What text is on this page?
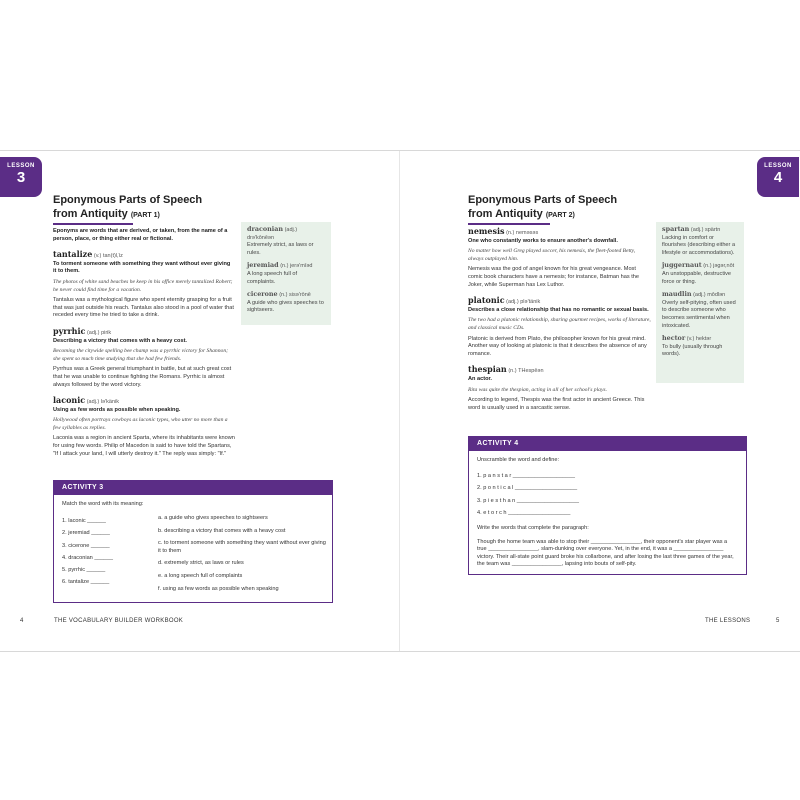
LESSON
3
Eponymous Parts of Speech
from Antiquity (PART 1)

Eponyms are words that are derived, or taken, from the name of a person, place, or thing either real or fictional.

tantalize (v.) tan(t)l,īz

To torment someone with something they want without ever giving it to them.

The photos of white sand beaches he keep in his office merely tantalized Robert; he never could find time for a vacation.

Tantalus was a mythological figure who spent eternity grasping for a fruit that was just outside his reach. Tantalus also stood in a pool of water that receded every time he tried to take a drink.

pyrrhic (adj.) pirik

Describing a victory that comes with a heavy cost.

Becoming the citywide spelling bee champ was a pyrrhic victory for Shannon; she spent so much time studying that she had few friends.

Pyrrhus was a Greek general triumphant in battle, but at such great cost that he was unable to continue fighting the Romans. Pyrrhic is almost always followed by the word victory.

laconic (adj.) lə'känik

Using as few words as possible when speaking.

Hollywood often portrays cowboys as laconic types, who utter no more than a few syllables as replies.

Laconia was a region in ancient Sparta, where its inhabitants were known for using few words. Philip of Macedon is said to have told the Spartans, "If I attack your land, I will utterly destroy it." The reply was simply: "If."

draconian (adj.)
drə'kōnēən
Extremely strict, as laws or rules.
jeremiad (n.) jerə'mīəd
A long speech full of complaints.
cicerone (n.) sisə'rōnē
A guide who gives speeches to sightseers.
ACTIVITY 3
Match the word with its meaning:
1. laconic ______
2. jeremiad ______
3. cicerone ______
4. draconian ______
5. pyrrhic ______
6. tantalize ______
a. a guide who gives speeches to sightseers
b. describing a victory that comes with a heavy cost
c. to torment someone with something they want without ever giving it to them
d. extremely strict, as laws or rules
e. a long speech full of complaints
f. using as few words as possible when speaking
4	THE VOCABULARY BUILDER WORKBOOK
LESSON
4
Eponymous Parts of Speech
from Antiquity (PART 2)
nemesis (n.) neməsəs

One who constantly works to ensure another's downfall.

No matter how well Greg played soccer, his nemesis, the fleet-footed Betty, always outplayed him.

Nemesis was the god of angel known for his great vengeance. Most comic book characters have a nemesis; for instance, Batman has the Joker, while Superman has Lex Luthor.

platonic (adj.) plə'tänik

Describes a close relationship that has no romantic or sexual basis.

The two had a platonic relationship, sharing gourmet recipes, works of literature, and classical music CDs.

Platonic is derived from Plato, the philosopher known for his great mind. Another way of looking at platonic is that it describes the absence of any romance.

thespian (n.) THespēən

An actor.

Rita was quite the thespian, acting in all of her school's plays.

According to legend, Thespis was the first actor in ancient Greece. This word is usually used in a sarcastic sense.

spartan (adj.) spärtn
Lacking in comfort or flourishes (describing either a lifestyle or accommodations).
juggernaut (n.) jəgər,nôt
An unstoppable, destructive force or thing.
maudlin (adj.) môdlən
Overly self-pitying, often used to describe someone who becomes sentimental when intoxicated.
hector (v.) hektər
To bully (usually through words).
ACTIVITY 4
Unscramble the word and define:
1. p a n s t a r ____________________
2. p o n t i c a l ____________________
3. p i e s t h a n ____________________
4. e t o r c h ____________________
Write the words that complete the paragraph:
Though the home team was able to stop their ________________, their opponent's star player was a true ________________, slam-dunking over everyone. Yet, in the end, it was a ________________ victory. Their all-state point guard broke his collarbone, and after losing the last three games of the year, the team was ________________, lapsing into bouts of self-pity.
THE LESSONS	5
